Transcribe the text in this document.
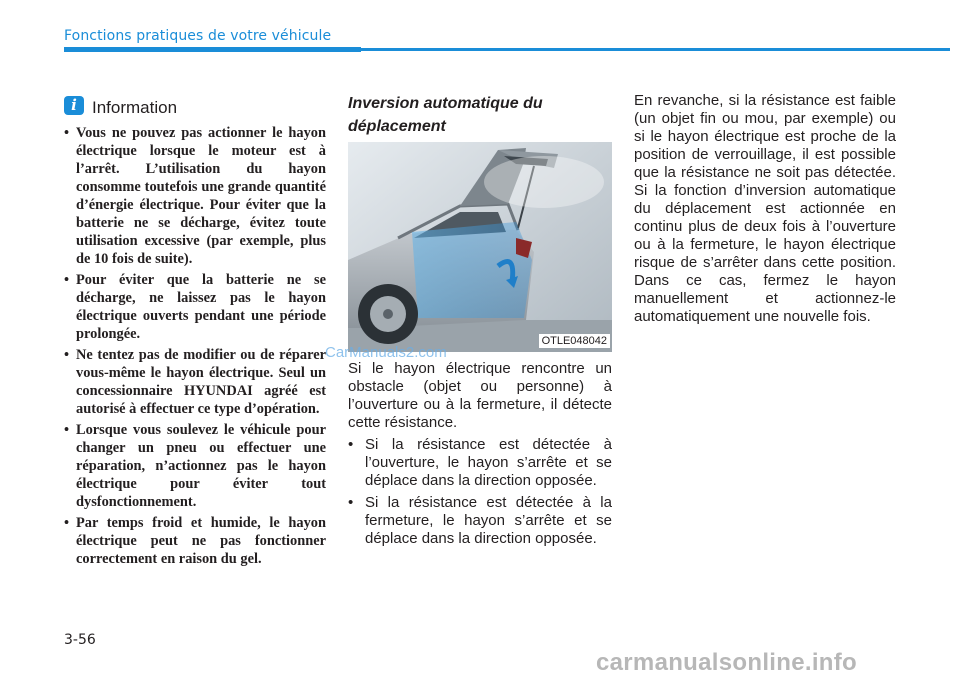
Fonctions pratiques de votre véhicule
i Information
• Vous ne pouvez pas actionner le hayon électrique lorsque le moteur est à l’arrêt. L’utilisation du hayon consomme toutefois une grande quantité d’énergie électrique. Pour éviter que la batterie ne se décharge, évitez toute utilisation excessive (par exemple, plus de 10 fois de suite).
• Pour éviter que la batterie ne se décharge, ne laissez pas le hayon électrique ouverts pendant une période prolongée.
• Ne tentez pas de modifier ou de réparer vous-même le hayon électrique. Seul un concessionnaire HYUNDAI agréé est autorisé à effectuer ce type d’opération.
• Lorsque vous soulevez le véhicule pour changer un pneu ou effectuer une réparation, n’actionnez pas le hayon électrique pour éviter tout dysfonctionnement.
• Par temps froid et humide, le hayon électrique peut ne pas fonctionner correctement en raison du gel.
Inversion automatique du déplacement
OTLE048042

Si le hayon électrique rencontre un obstacle (objet ou personne) à l’ouverture ou à la fermeture, il détecte cette résistance.

• Si la résistance est détectée à l’ouverture, le hayon s’arrête et se déplace dans la direction opposée.
• Si la résistance est détectée à la fermeture, le hayon s’arrête et se déplace dans la direction opposée.

En revanche, si la résistance est faible (un objet fin ou mou, par exemple) ou si le hayon électrique est proche de la position de verrouillage, il est possible que la résistance ne soit pas détectée. Si la fonction d’inversion automatique du déplacement est actionnée en continu plus de deux fois à l’ouverture ou à la fermeture, le hayon électrique risque de s’arrêter dans cette position. Dans ce cas, fermez le hayon manuellement et actionnez-le automatiquement une nouvelle fois.

3-56
CarManuals2.com
carmanualsonline.info
